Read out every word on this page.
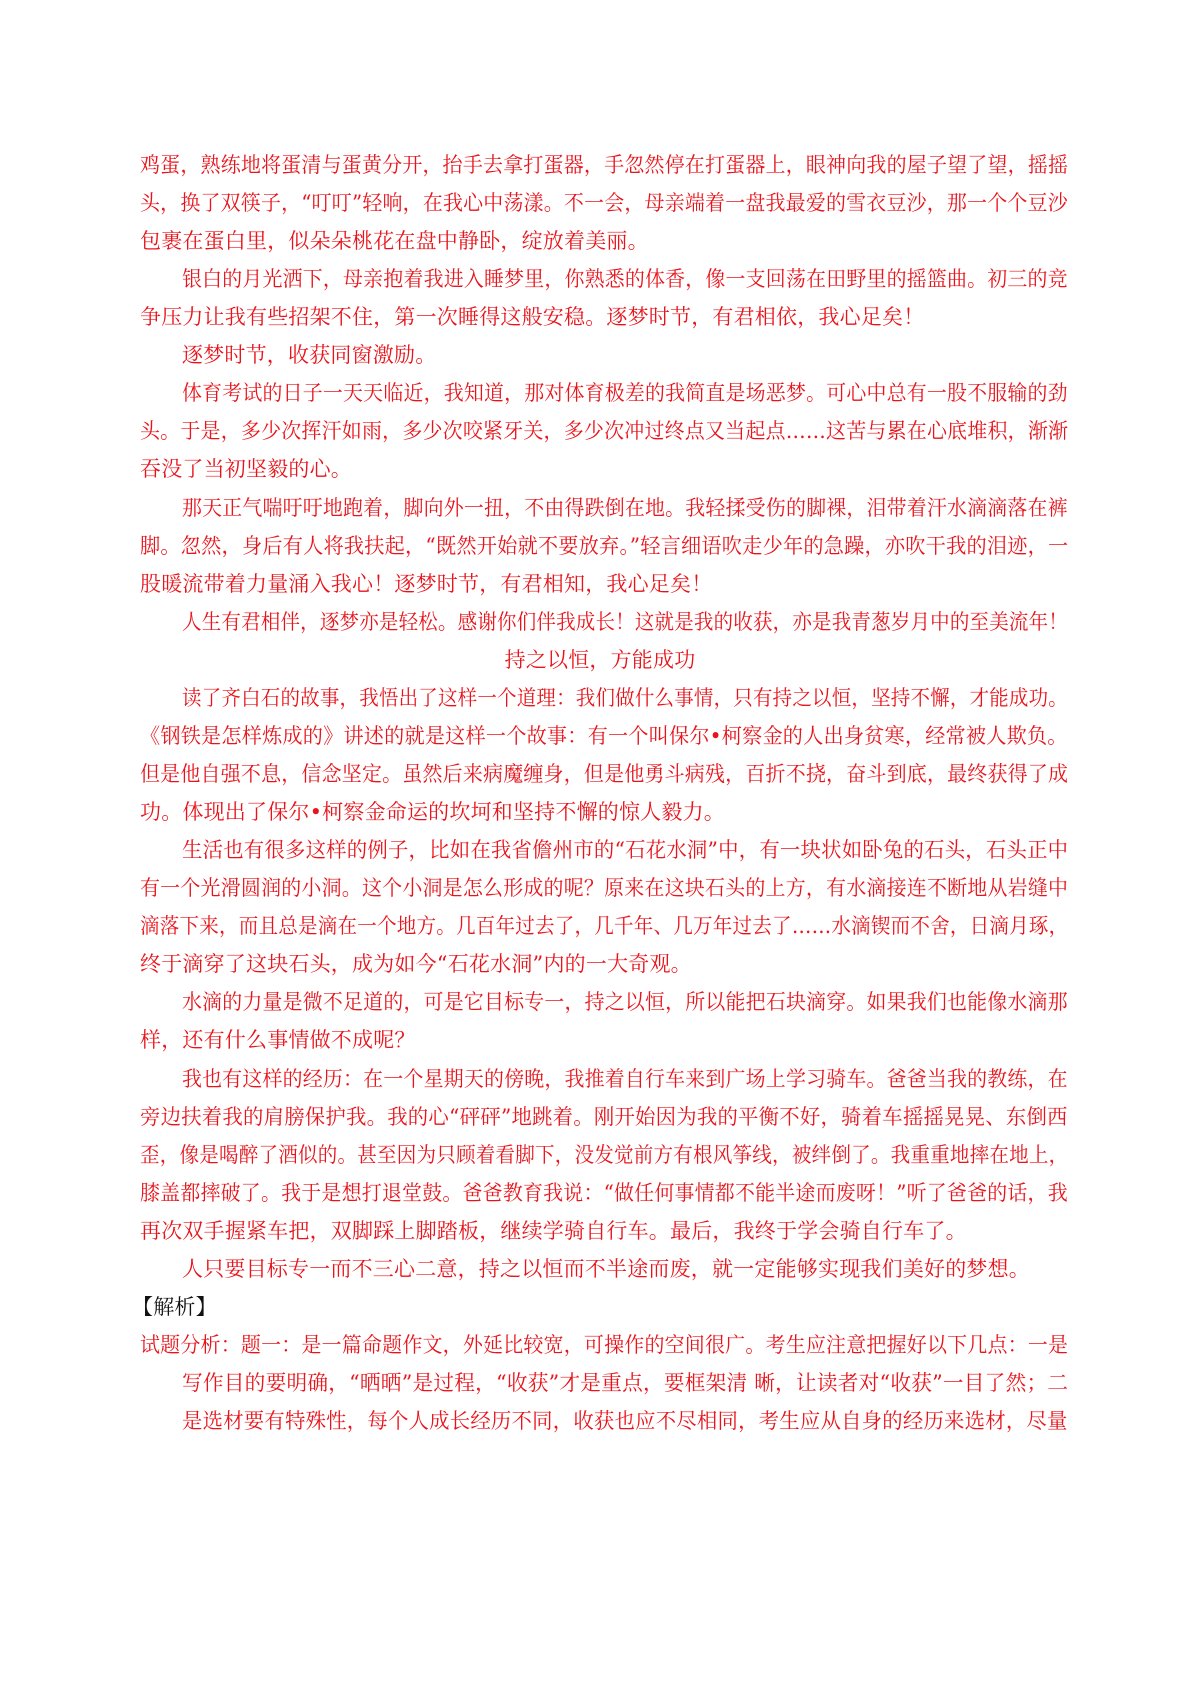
鸡蛋，熟练地将蛋清与蛋黄分开，抬手去拿打蛋器，手忽然停在打蛋器上，眼神向我的屋子望了望，摇摇

头，换了双筷子，“叮叮”轻响，在我心中荡漾。不一会，母亲端着一盘我最爱的雪衣豆沙，那一个个豆沙

包裹在蛋白里，似朵朵桃花在盘中静卧，绽放着美丽。

银白的月光洒下，母亲抱着我进入睡梦里，你熟悉的体香，像一支回荡在田野里的摇篮曲。初三的竞

争压力让我有些招架不住，第一次睡得这般安稳。逐梦时节，有君相依，我心足矣！

逐梦时节，收获同窗激励。

体育考试的日子一天天临近，我知道，那对体育极差的我简直是场恶梦。可心中总有一股不服输的劲

头。于是，多少次挥汗如雨，多少次咬紧牙关，多少次冲过终点又当起点……这苦与累在心底堆积，渐渐

吞没了当初坚毅的心。

那天正气喘吁吁地跑着，脚向外一扭，不由得跌倒在地。我轻揉受伤的脚裸，泪带着汗水滴滴落在裤

脚。忽然，身后有人将我扶起，“既然开始就不要放弃。”轻言细语吹走少年的急躁，亦吹干我的泪迹，一

股暖流带着力量涌入我心！逐梦时节，有君相知，我心足矣！

人生有君相伴，逐梦亦是轻松。感谢你们伴我成长！这就是我的收获，亦是我青葱岁月中的至美流年！

持之以恒，方能成功

读了齐白石的故事，我悟出了这样一个道理：我们做什么事情，只有持之以恒，坚持不懈，才能成功。

《钢铁是怎样炼成的》讲述的就是这样一个故事：有一个叫保尔•柯察金的人出身贫寒，经常被人欺负。

但是他自强不息，信念坚定。虽然后来病魔缠身，但是他勇斗病残，百折不挠，奋斗到底，最终获得了成

功。体现出了保尔•柯察金命运的坎坷和坚持不懈的惊人毅力。

生活也有很多这样的例子，比如在我省儋州市的“石花水洞”中，有一块状如卧兔的石头，石头正中

有一个光滑圆润的小洞。这个小洞是怎么形成的呢？原来在这块石头的上方，有水滴接连不断地从岩缝中

滴落下来，而且总是滴在一个地方。几百年过去了，几千年、几万年过去了……水滴锲而不舍，日滴月琢，

终于滴穿了这块石头，成为如今“石花水洞”内的一大奇观。

水滴的力量是微不足道的，可是它目标专一，持之以恒，所以能把石块滴穿。如果我们也能像水滴那

样，还有什么事情做不成呢？

我也有这样的经历：在一个星期天的傍晚，我推着自行车来到广场上学习骑车。爸爸当我的教练，在

旁边扶着我的肩膀保护我。我的心“砰砰”地跳着。刚开始因为我的平衡不好，骑着车摇摇晃晃、东倒西

歪，像是喝醉了酒似的。甚至因为只顾着看脚下，没发觉前方有根风筝线，被绊倒了。我重重地摔在地上，

膝盖都摔破了。我于是想打退堂鼓。爸爸教育我说：“做任何事情都不能半途而废呀！”听了爸爸的话，我

再次双手握紧车把，双脚踩上脚踏板，继续学骑自行车。最后，我终于学会骑自行车了。

人只要目标专一而不三心二意，持之以恒而不半途而废，就一定能够实现我们美好的梦想。

【解析】

试题分析：题一：是一篇命题作文，外延比较宽，可操作的空间很广。考生应注意把握好以下几点：一是

写作目的要明确，“晒晒”是过程，“收获”才是重点，要框架清 晰，让读者对“收获”一目了然；二

是选材要有特殊性，每个人成长经历不同，收获也应不尽相同，考生应从自身的经历来选材，尽量
